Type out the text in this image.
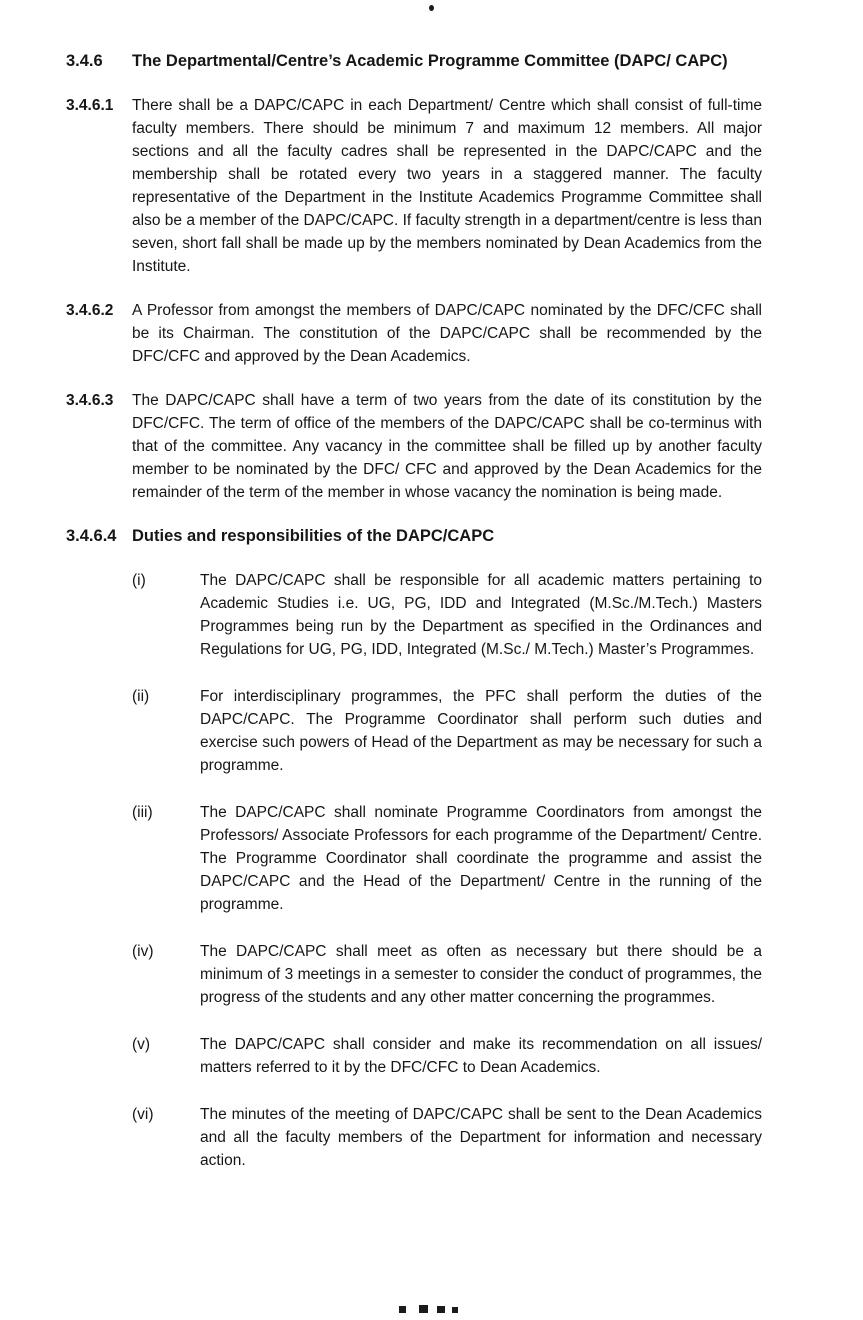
3.4.6	The Departmental/Centre’s Academic Programme Committee (DAPC/ CAPC)
3.4.6.1	There shall be a DAPC/CAPC in each Department/ Centre which shall consist of full-time faculty members. There should be minimum 7 and maximum 12 members. All major sections and all the faculty cadres shall be represented in the DAPC/CAPC and the membership shall be rotated every two years in a staggered manner. The faculty representative of the Department in the Institute Academics Programme Committee shall also be a member of the DAPC/CAPC. If faculty strength in a department/centre is less than seven, short fall shall be made up by the members nominated by Dean Academics from the Institute.
3.4.6.2	A Professor from amongst the members of DAPC/CAPC nominated by the DFC/CFC shall be its Chairman. The constitution of the DAPC/CAPC shall be recommended by the DFC/CFC and approved by the Dean Academics.
3.4.6.3	The DAPC/CAPC shall have a term of two years from the date of its constitution by the DFC/CFC. The term of office of the members of the DAPC/CAPC shall be co-terminus with that of the committee. Any vacancy in the committee shall be filled up by another faculty member to be nominated by the DFC/ CFC and approved by the Dean Academics for the remainder of the term of the member in whose vacancy the nomination is being made.
3.4.6.4 Duties and responsibilities of the DAPC/CAPC
(i)	The DAPC/CAPC shall be responsible for all academic matters pertaining to Academic Studies i.e. UG, PG, IDD and Integrated (M.Sc./M.Tech.) Masters Programmes being run by the Department as specified in the Ordinances and Regulations for UG, PG, IDD, Integrated (M.Sc./ M.Tech.) Master’s Programmes.
(ii)	For interdisciplinary programmes, the PFC shall perform the duties of the DAPC/CAPC. The Programme Coordinator shall perform such duties and exercise such powers of Head of the Department as may be necessary for such a programme.
(iii)	The DAPC/CAPC shall nominate Programme Coordinators from amongst the Professors/ Associate Professors for each programme of the Department/ Centre. The Programme Coordinator shall coordinate the programme and assist the DAPC/CAPC and the Head of the Department/ Centre in the running of the programme.
(iv)	The DAPC/CAPC shall meet as often as necessary but there should be a minimum of 3 meetings in a semester to consider the conduct of programmes, the progress of the students and any other matter concerning the programmes.
(v)	The DAPC/CAPC shall consider and make its recommendation on all issues/ matters referred to it by the DFC/CFC to Dean Academics.
(vi)	The minutes of the meeting of DAPC/CAPC shall be sent to the Dean Academics and all the faculty members of the Department for information and necessary action.
